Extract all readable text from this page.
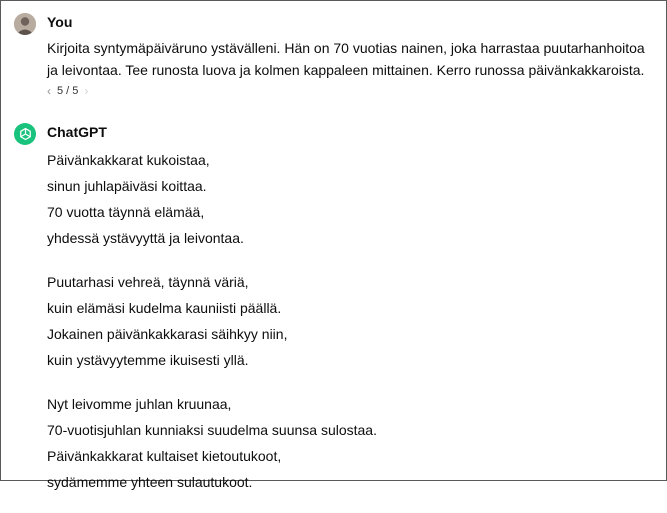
You
Kirjoita syntymäpäiväruno ystävälleni. Hän on 70 vuotias nainen, joka harrastaa puutarhanhoitoa ja leivontaa. Tee runosta luova ja kolmen kappaleen mittainen. Kerro runossa päivänkakkaroista.
‹ 5 / 5 ›
ChatGPT
Päivänkakkarat kukoistaa,
sinun juhlapäiväsi koittaa.
70 vuotta täynnä elämää,
yhdessä ystävyyttä ja leivontaa.
Puutarhasi vehreä, täynnä väriä,
kuin elämäsi kudelma kauniisti päällä.
Jokainen päivänkakkarasi säihkyy niin,
kuin ystävyytemme ikuisesti yllä.
Nyt leivomme juhlan kruunaa,
70-vuotisjuhlan kunniaksi suudelma suunsa sulostaa.
Päivänkakkarat kultaiset kietoutukoot,
sydämemme yhteen sulautukoot.
